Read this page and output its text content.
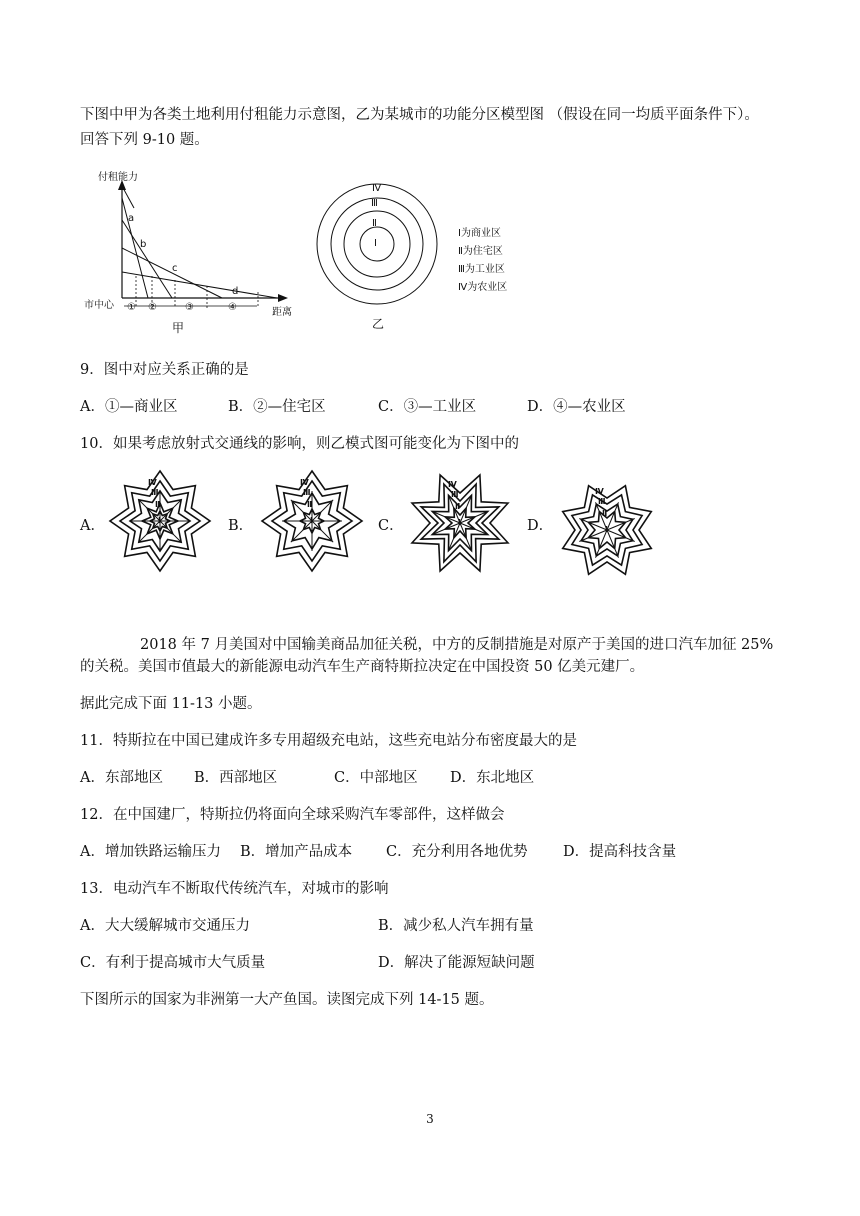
下图中甲为各类土地利用付租能力示意图，乙为某城市的功能分区模型图 （假设在同一均质平面条件下）。
回答下列 9-10 题。
付租能力
距离
市中心
a
b
c
d
① ②	③	④
甲
Ⅳ
Ⅲ
Ⅱ
Ⅰ
Ⅰ为商业区
Ⅱ为住宅区
Ⅲ为工业区
Ⅳ为农业区
乙
9．图中对应关系正确的是
A．①—商业区	B．②—住宅区	C．③—工业区	D．④—农业区
10．如果考虑放射式交通线的影响，则乙模式图可能变化为下图中的
A．	B．	C．	D．
Ⅳ
Ⅲ
Ⅱ
Ⅰ
Ⅳ
Ⅲ
Ⅱ
Ⅰ
Ⅳ
Ⅲ
Ⅱ
Ⅰ
Ⅳ
Ⅲ
Ⅱ
Ⅰ
2018 年 7 月美国对中国输美商品加征关税，中方的反制措施是对原产于美国的进口汽车加征 25%
的关税。美国市值最大的新能源电动汽车生产商特斯拉决定在中国投资 50 亿美元建厂。
据此完成下面 11-13 小题。
11．特斯拉在中国已建成许多专用超级充电站，这些充电站分布密度最大的是
A．东部地区 B．西部地区	C．中部地区 D．东北地区
12．在中国建厂，特斯拉仍将面向全球采购汽车零部件，这样做会
A．增加铁路运输压力 B．增加产品成本 C．充分利用各地优势 D．提高科技含量
13．电动汽车不断取代传统汽车，对城市的影响
A．大大缓解城市交通压力	B．减少私人汽车拥有量
C．有利于提高城市大气质量	D．解决了能源短缺问题
下图所示的国家为非洲第一大产鱼国。读图完成下列 14-15 题。
3
